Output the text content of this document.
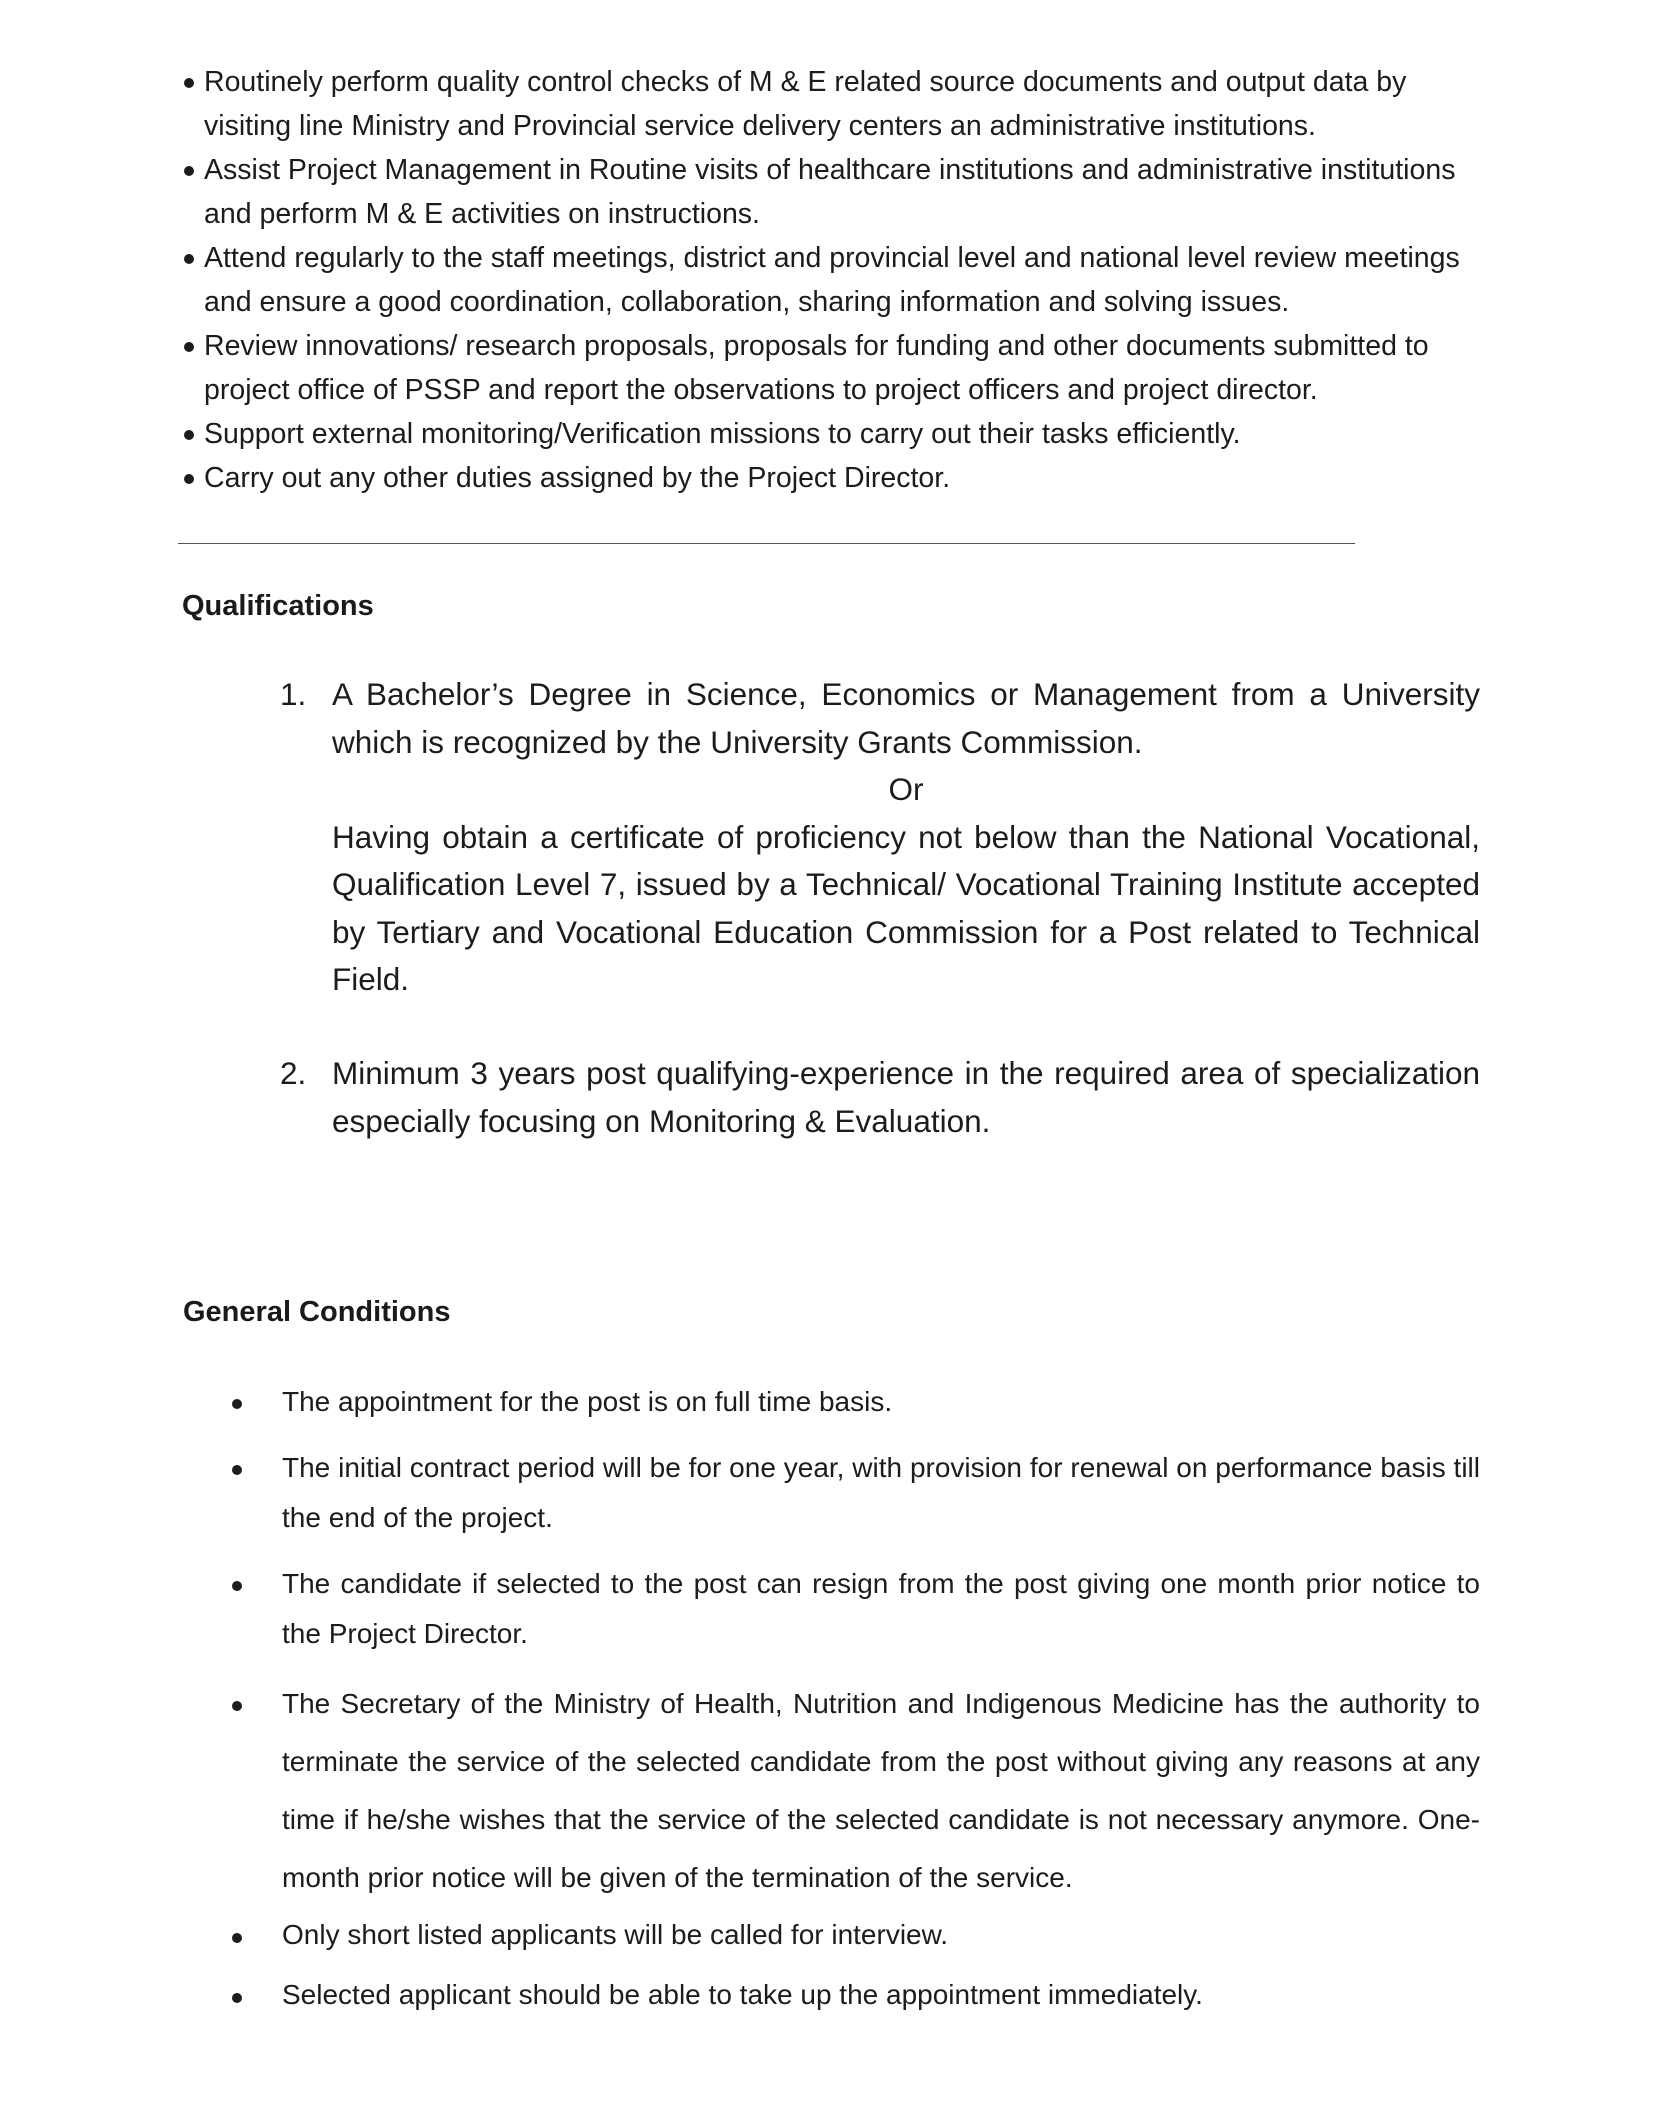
Routinely perform quality control checks of M & E related source documents and output data by visiting line Ministry and Provincial service delivery centers an administrative institutions.
Assist Project Management in Routine visits of healthcare institutions and administrative institutions and perform M & E activities on instructions.
Attend regularly to the staff meetings, district and provincial level and national level review meetings and ensure a good coordination, collaboration, sharing information and solving issues.
Review innovations/ research proposals, proposals for funding and other documents submitted to project office of PSSP and report the observations to project officers and project director.
Support external monitoring/Verification missions to carry out their tasks efficiently.
Carry out any other duties assigned by the Project Director.
Qualifications
1. A Bachelor’s Degree in Science, Economics or Management from a University which is recognized by the University Grants Commission.

Or

Having obtain a certificate of proficiency not below than the National Vocational, Qualification Level 7, issued by a Technical/ Vocational Training Institute accepted by Tertiary and Vocational Education Commission for a Post related to Technical Field.

2. Minimum 3 years post qualifying-experience in the required area of specialization especially focusing on Monitoring & Evaluation.

General Conditions
The appointment for the post is on full time basis.
The initial contract period will be for one year, with provision for renewal on performance basis till the end of the project.
The candidate if selected to the post can resign from the post giving one month prior notice to the Project Director.
The Secretary of the Ministry of Health, Nutrition and Indigenous Medicine has the authority to terminate the service of the selected candidate from the post without giving any reasons at any time if he/she wishes that the service of the selected candidate is not necessary anymore. One-month prior notice will be given of the termination of the service.
Only short listed applicants will be called for interview.
Selected applicant should be able to take up the appointment immediately.
